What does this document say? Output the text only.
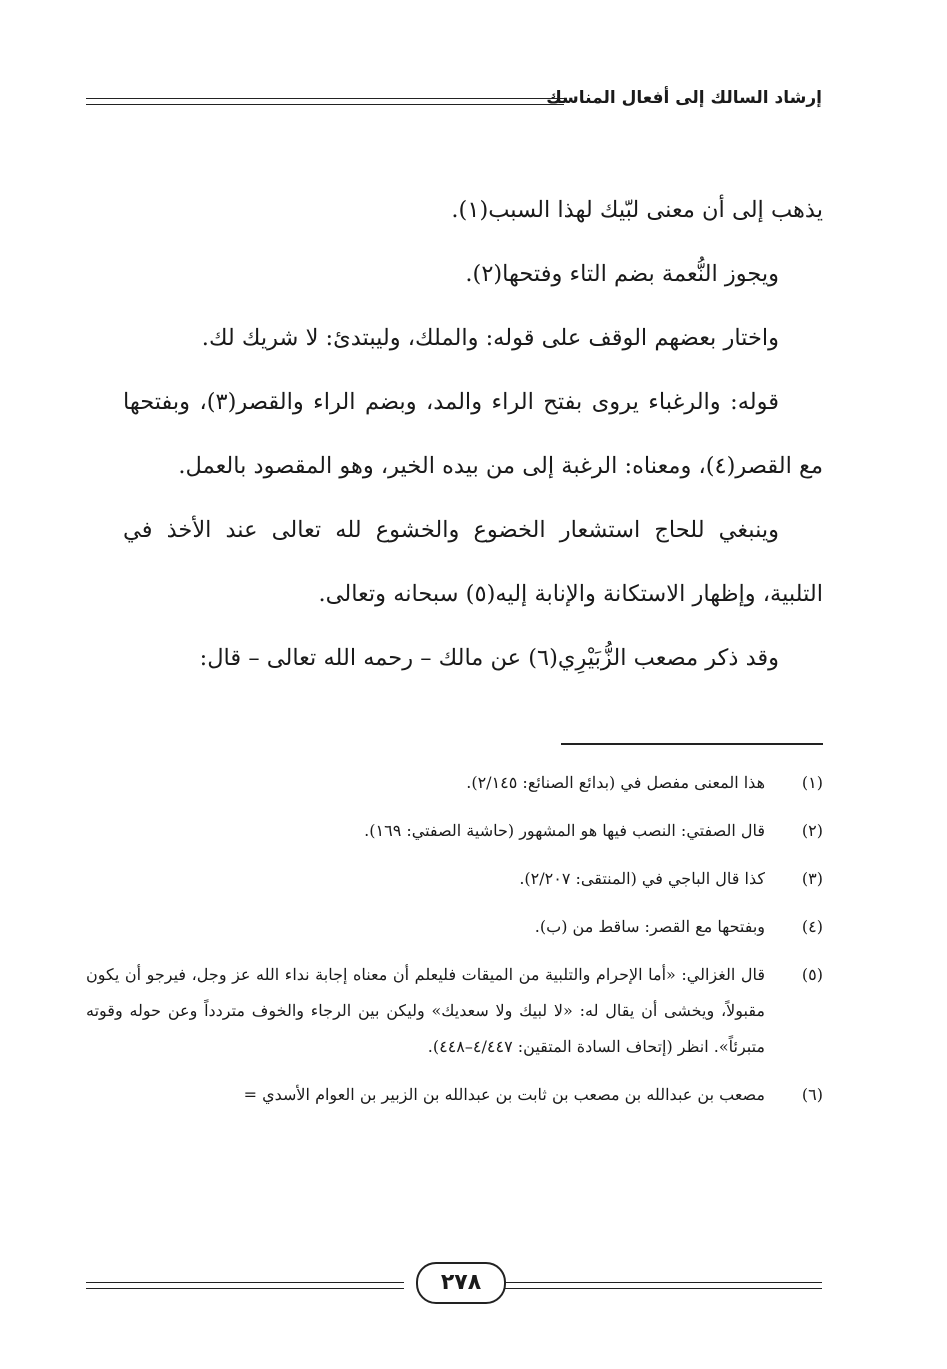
إرشاد السالك إلى أفعال المناسك

يذهب إلى أن معنى لبّيك لهذا السبب(١).

ويجوز النُّعمة بضم التاء وفتحها(٢).

واختار بعضهم الوقف على قوله: والملك، وليبتدئ: لا شريك لك.

قوله: والرغباء يروى بفتح الراء والمد، وبضم الراء والقصر(٣)، وبفتحها مع القصر(٤)، ومعناه: الرغبة إلى من بيده الخير، وهو المقصود بالعمل.

وينبغي للحاج استشعار الخضوع والخشوع لله تعالى عند الأخذ في التلبية، وإظهار الاستكانة والإنابة إليه(٥) سبحانه وتعالى.

وقد ذكر مصعب الزُّبَيْرِي(٦) عن مالك – رحمه الله تعالى – قال:

(١)
هذا المعنى مفصل في (بدائع الصنائع: ٢/١٤٥).
(٢)
قال الصفتي: النصب فيها هو المشهور (حاشية الصفتي: ١٦٩).
(٣)
كذا قال الباجي في (المنتقى: ٢/٢٠٧).
(٤)
وبفتحها مع القصر: ساقط من (ب).
(٥)
قال الغزالي: «أما الإحرام والتلبية من الميقات فليعلم أن معناه إجابة نداء الله عز وجل، فيرجو أن يكون مقبولاً، ويخشى أن يقال له: «لا لبيك ولا سعديك» وليكن بين الرجاء والخوف متردداً وعن حوله وقوته متبرئاً». انظر (إتحاف السادة المتقين: ٤/٤٤٧–٤٤٨).
(٦)
مصعب بن عبدالله بن مصعب بن ثابت بن عبدالله بن الزبير بن العوام الأسدي =
٢٧٨
